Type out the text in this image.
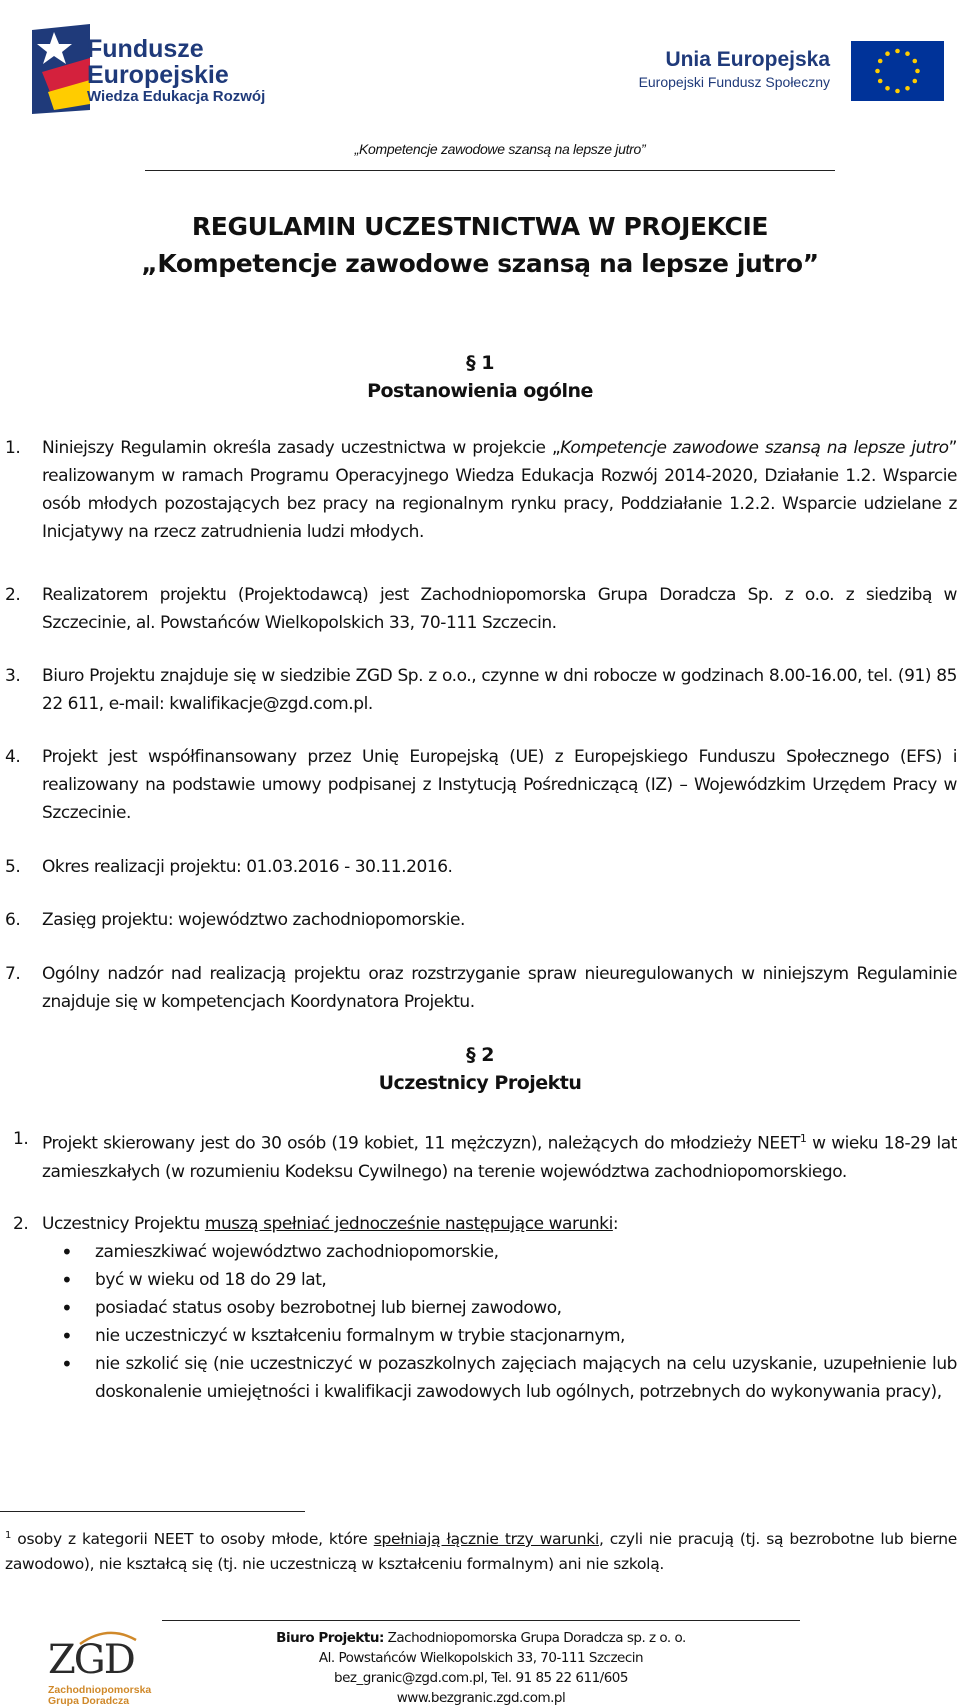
Fundusze
Europejskie
Wiedza Edukacja Rozwój
Unia Europejska
Europejski Fundusz Społeczny
„Kompetencje zawodowe szansą na lepsze jutro”
REGULAMIN UCZESTNICTWA W PROJEKCIE
„Kompetencje zawodowe szansą na lepsze jutro”
§ 1
Postanowienia ogólne
1. Niniejszy Regulamin określa zasady uczestnictwa w projekcie „Kompetencje zawodowe szansą na lepsze jutro” realizowanym w ramach Programu Operacyjnego Wiedza Edukacja Rozwój 2014-2020, Działanie 1.2. Wsparcie osób młodych pozostających bez pracy na regionalnym rynku pracy, Poddziałanie 1.2.2. Wsparcie udzielane z Inicjatywy na rzecz zatrudnienia ludzi młodych.
2. Realizatorem projektu (Projektodawcą) jest Zachodniopomorska Grupa Doradcza Sp. z o.o. z siedzibą w Szczecinie, al. Powstańców Wielkopolskich 33, 70-111 Szczecin.
3. Biuro Projektu znajduje się w siedzibie ZGD Sp. z o.o., czynne w dni robocze w godzinach 8.00-16.00, tel. (91) 85 22 611, e-mail: kwalifikacje@zgd.com.pl.
4. Projekt jest współfinansowany przez Unię Europejską (UE) z Europejskiego Funduszu Społecznego (EFS) i realizowany na podstawie umowy podpisanej z Instytucją Pośredniczącą (IZ) – Wojewódzkim Urzędem Pracy w Szczecinie.
5. Okres realizacji projektu: 01.03.2016 - 30.11.2016.
6. Zasięg projektu: województwo zachodniopomorskie.
7. Ogólny nadzór nad realizacją projektu oraz rozstrzyganie spraw nieuregulowanych w niniejszym Regulaminie znajduje się w kompetencjach Koordynatora Projektu.
§ 2
Uczestnicy Projektu
1. Projekt skierowany jest do 30 osób (19 kobiet, 11 mężczyzn), należących do młodzieży NEET$^1$ w wieku 18-29 lat zamieszkałych (w rozumieniu Kodeksu Cywilnego) na terenie województwa zachodniopomorskiego.
2. Uczestnicy Projektu muszą spełniać jednocześnie następujące warunki:
• zamieszkiwać województwo zachodniopomorskie,
• być w wieku od 18 do 29 lat,
• posiadać status osoby bezrobotnej lub biernej zawodowo,
• nie uczestniczyć w kształceniu formalnym w trybie stacjonarnym,
• nie szkolić się (nie uczestniczyć w pozaszkolnych zajęciach mających na celu uzyskanie, uzupełnienie lub doskonalenie umiejętności i kwalifikacji zawodowych lub ogólnych, potrzebnych do wykonywania pracy),
$^1$ osoby z kategorii NEET to osoby młode, które spełniają łącznie trzy warunki, czyli nie pracują (tj. są bezrobotne lub bierne zawodowo), nie kształcą się (tj. nie uczestniczą w kształceniu formalnym) ani nie szkolą.
Biuro Projektu: Zachodniopomorska Grupa Doradcza sp. z o. o.
Al. Powstańców Wielkopolskich 33, 70-111 Szczecin
bez_granic@zgd.com.pl, Tel. 91 85 22 611/605
www.bezgranic.zgd.com.pl
ZGD
Zachodniopomorska
Grupa Doradcza
